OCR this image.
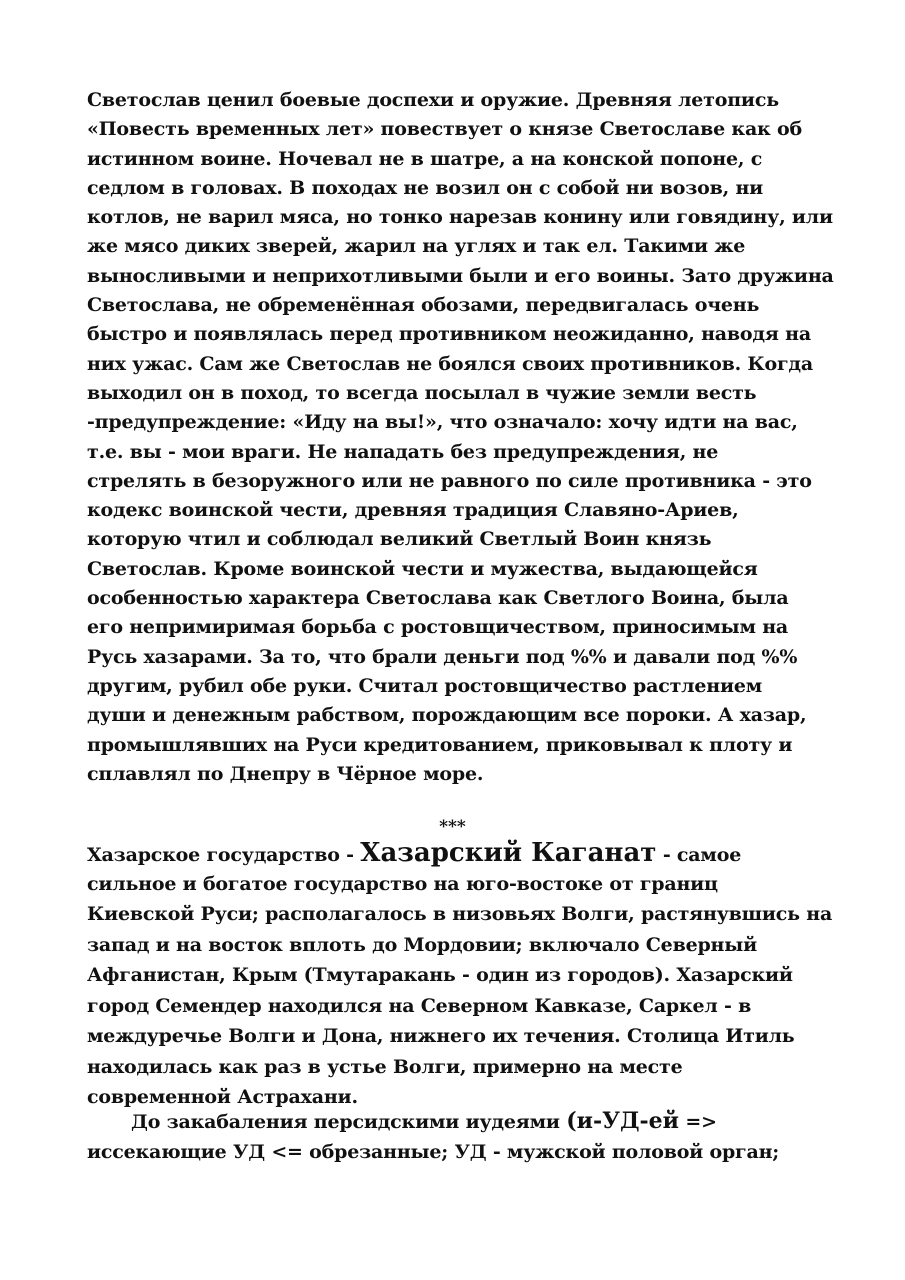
Светослав ценил боевые доспехи и оружие. Древняя летопись
«Повесть временных лет» повествует о князе Светославе как об
истинном воине. Ночевал не в шатре, а на конской попоне, с
седлом в головах. В походах не возил он с собой ни возов, ни
котлов, не варил мяса, но тонко нарезав конину или говядину, или
же мясо диких зверей, жарил на углях и так ел. Такими же
выносливыми и неприхотливыми были и его воины. Зато дружина
Светослава, не обременённая обозами, передвигалась очень
быстро и появлялась перед противником неожиданно, наводя на
них ужас. Сам же Светослав не боялся своих противников. Когда
выходил он в поход, то всегда посылал в чужие земли весть
-предупреждение: «Иду на вы!», что означало: хочу идти на вас,
т.е. вы - мои враги. Не нападать без предупреждения, не
стрелять в безоружного или не равного по силе противника - это
кодекс воинской чести, древняя традиция Славяно-Ариев,
которую чтил и соблюдал великий Светлый Воин князь
Светослав. Кроме воинской чести и мужества, выдающейся
особенностью характера Светослава как Светлого Воина, была
его непримиримая борьба с ростовщичеством, приносимым на
Русь хазарами. За то, что брали деньги под %% и давали под %%
другим, рубил обе руки. Считал ростовщичество растлением
души и денежным рабством, порождающим все пороки. А хазар,
промышлявших на Руси кредитованием, приковывал к плоту и
сплавлял по Днепру в Чёрное море.
***
Хазарское государство - Хазарский Каганат - самое
сильное и богатое государство на юго-востоке от границ
Киевской Руси; располагалось в низовьях Волги, растянувшись на
запад и на восток вплоть до Мордовии; включало Северный
Афганистан, Крым (Тмутаракань - один из городов). Хазарский
город Семендер находился на Северном Кавказе, Саркел - в
междуречье Волги и Дона, нижнего их течения. Столица Итиль
находилась как раз в устье Волги, примерно на месте
современной Астрахани.
До закабаления персидскими иудеями (и-УД-ей =>
иссекающие УД <= обрезанные; УД - мужской половой орган;
